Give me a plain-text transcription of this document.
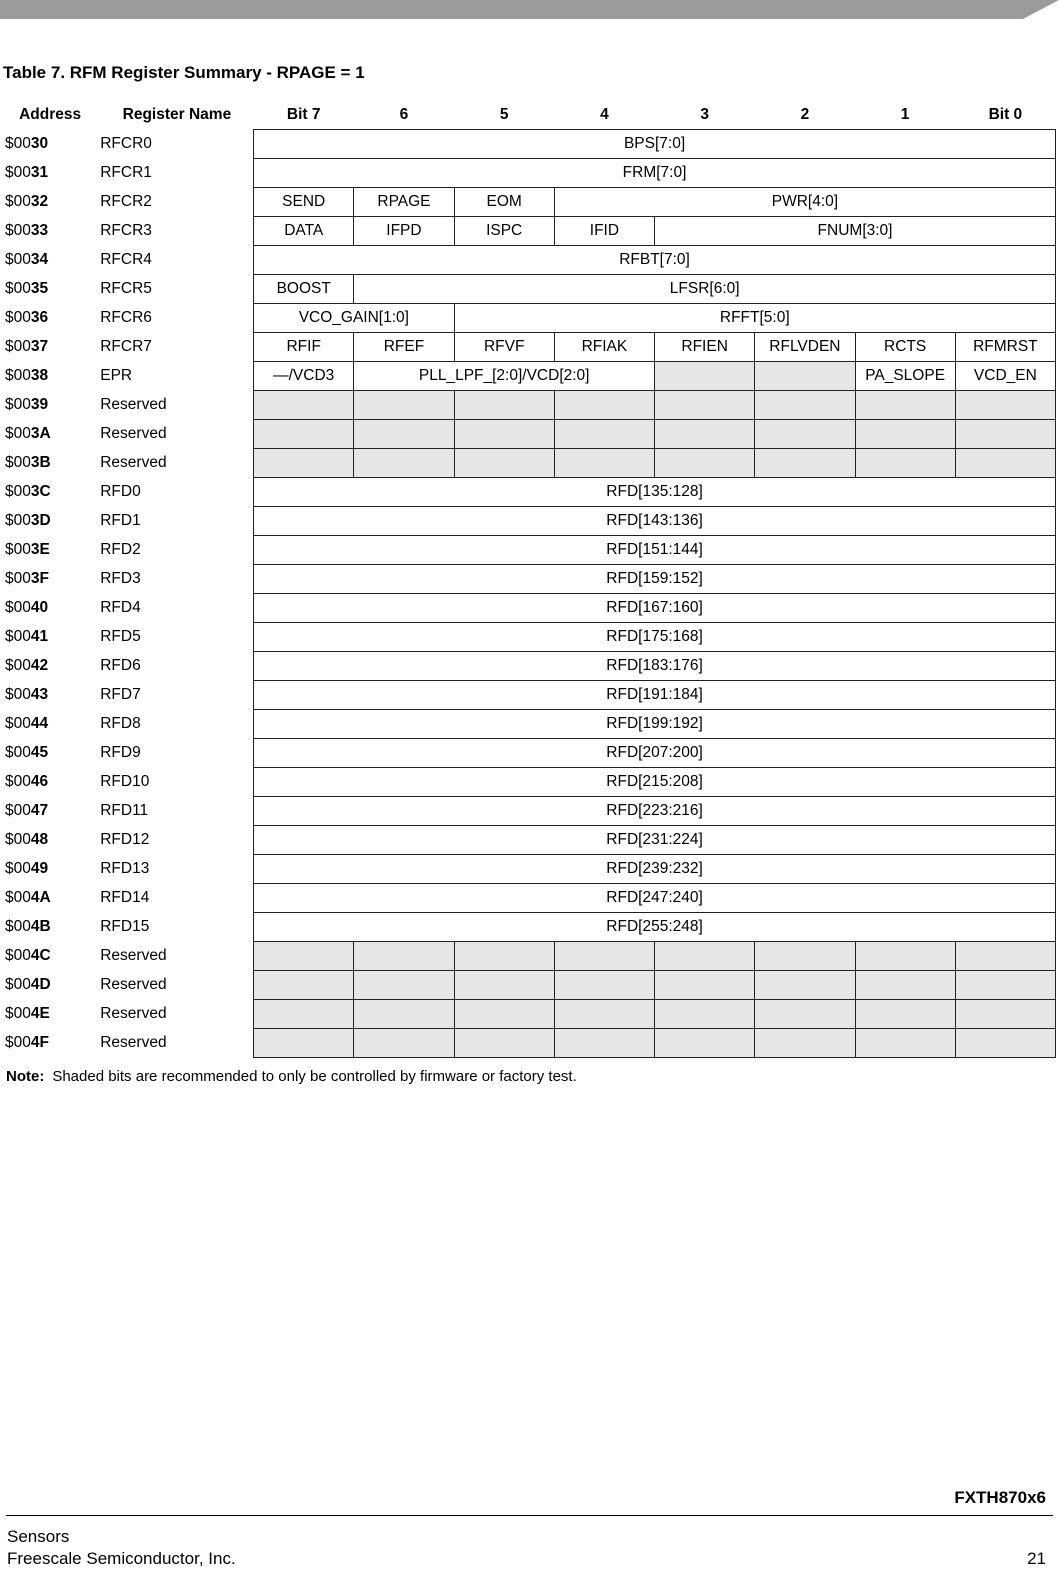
Table 7. RFM Register Summary - RPAGE = 1
Address	Register Name	Bit 7	6	5	4	3	2	1	Bit 0
$0030	RFCR0	BPS[7:0]							
$0031	RFCR1	FRM[7:0]							
$0032	RFCR2	SEND	RPAGE	EOM	PWR[4:0]				
$0033	RFCR3	DATA	IFPD	ISPC	IFID	FNUM[3:0]			
$0034	RFCR4	RFBT[7:0]							
$0035	RFCR5	BOOST	LFSR[6:0]						
$0036	RFCR6	VCO_GAIN[1:0]		RFFT[5:0]					
$0037	RFCR7	RFIF	RFEF	RFVF	RFIAK	RFIEN	RFLVDEN	RCTS	RFMRST
$0038	EPR	—/VCD3	PLL_LPF_[2:0]/VCD[2:0]					PA_SLOPE	VCD_EN
$0039	Reserved								
$003A	Reserved								
$003B	Reserved								
$003C	RFD0	RFD[135:128]							
$003D	RFD1	RFD[143:136]							
$003E	RFD2	RFD[151:144]							
$003F	RFD3	RFD[159:152]							
$0040	RFD4	RFD[167:160]							
$0041	RFD5	RFD[175:168]							
$0042	RFD6	RFD[183:176]							
$0043	RFD7	RFD[191:184]							
$0044	RFD8	RFD[199:192]							
$0045	RFD9	RFD[207:200]							
$0046	RFD10	RFD[215:208]							
$0047	RFD11	RFD[223:216]							
$0048	RFD12	RFD[231:224]							
$0049	RFD13	RFD[239:232]							
$004A	RFD14	RFD[247:240]							
$004B	RFD15	RFD[255:248]							
$004C	Reserved								
$004D	Reserved								
$004E	Reserved								
$004F	Reserved								
Note: Shaded bits are recommended to only be controlled by firmware or factory test.
FXTH870x6
Sensors
Freescale Semiconductor, Inc.	21
